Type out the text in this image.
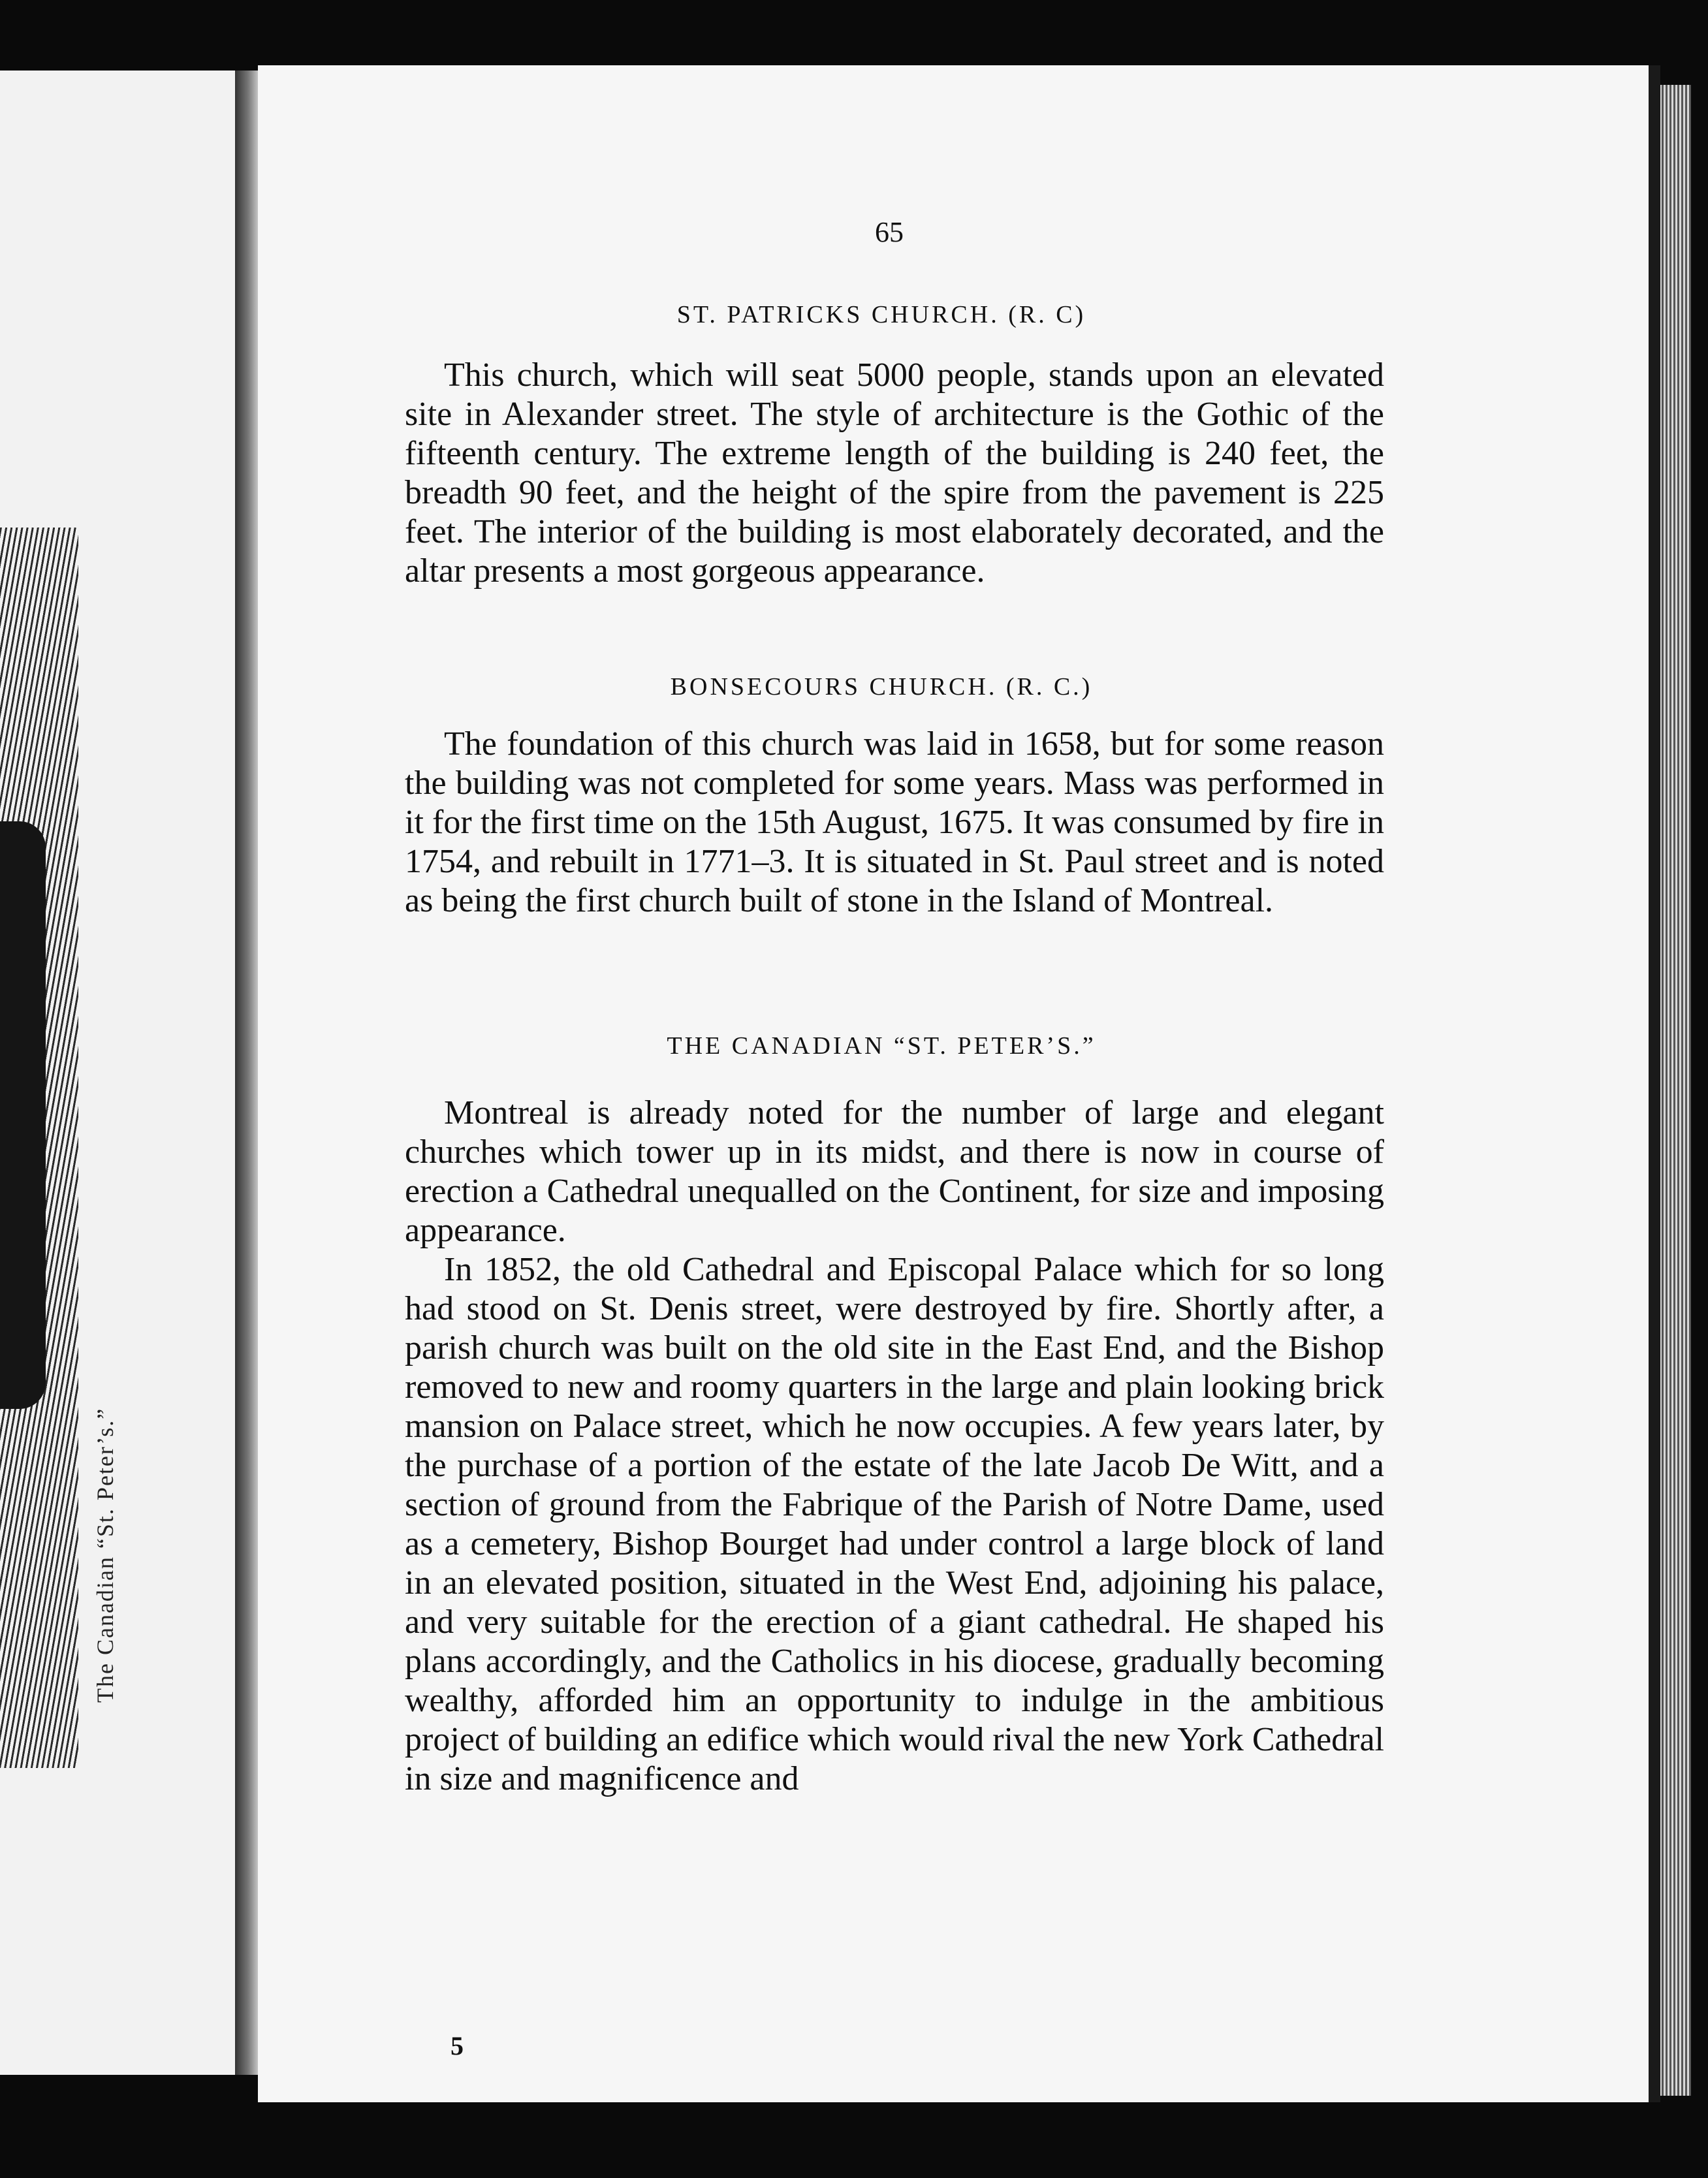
The Canadian “St. Peter’s.”
65
ST. PATRICKS CHURCH. (R. C)

This church, which will seat 5000 people, stands upon an elevated site in Alexander street. The style of architecture is the Gothic of the fifteenth century. The extreme length of the building is 240 feet, the breadth 90 feet, and the height of the spire from the pavement is 225 feet. The interior of the building is most elaborately decorated, and the altar presents a most gorgeous appearance.

BONSECOURS CHURCH. (R. C.)

The foundation of this church was laid in 1658, but for some reason the building was not completed for some years. Mass was performed in it for the first time on the 15th August, 1675. It was consumed by fire in 1754, and rebuilt in 1771–3. It is situated in St. Paul street and is noted as being the first church built of stone in the Island of Montreal.

THE CANADIAN “ST. PETER’S.”

Montreal is already noted for the number of large and elegant churches which tower up in its midst, and there is now in course of erection a Cathedral unequalled on the Continent, for size and imposing appearance.

In 1852, the old Cathedral and Episcopal Palace which for so long had stood on St. Denis street, were destroyed by fire. Shortly after, a parish church was built on the old site in the East End, and the Bishop removed to new and roomy quarters in the large and plain looking brick mansion on Palace street, which he now occupies. A few years later, by the purchase of a portion of the estate of the late Jacob De Witt, and a section of ground from the Fabrique of the Parish of Notre Dame, used as a cemetery, Bishop Bourget had under control a large block of land in an elevated position, situated in the West End, adjoining his palace, and very suitable for the erection of a giant cathedral. He shaped his plans accordingly, and the Catholics in his diocese, gradually becoming wealthy, afforded him an opportunity to indulge in the ambitious project of building an edifice which would rival the new York Cathedral in size and magnificence and

5
